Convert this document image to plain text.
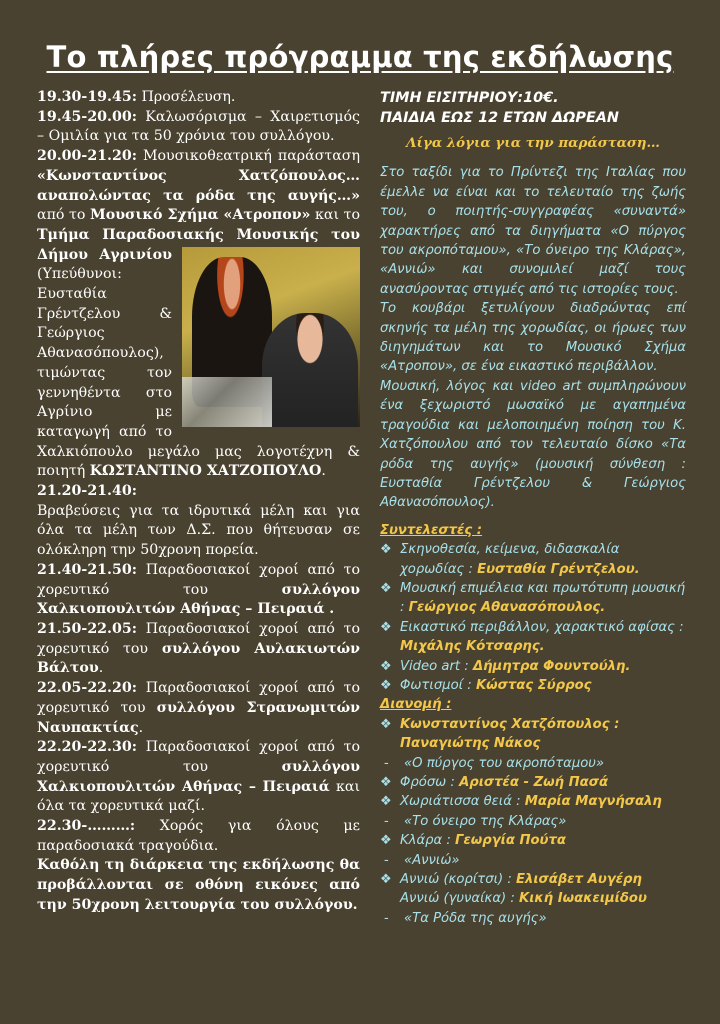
Το πλήρες πρόγραμμα της εκδήλωσης

19.30-19.45: Προσέλευση.

19.45-20.00: Καλωσόρισμα – Χαιρετισμός – Ομιλία για τα 50 χρόνια του συλλόγου.

20.00-21.20: Μουσικοθεατρική παράσταση «Κωνσταντίνος Χατζόπουλος… αναπολώντας τα ρόδα της αυγής…» από το Μουσικό Σχήμα «Ατροπον» και το Τμήμα Παραδοσιακής Μουσικής του Δήμου Αγρινίου
(Υπεύθυνοι: Ευσταθία Γρέντζελου & Γεώργιος Αθανασόπουλος), τιμώντας τον γεννηθέντα στο Αγρίνιο με καταγωγή από το Χαλκιόπουλο μεγάλο μας λογοτέχνη & ποιητή ΚΩΣΤΑΝΤΙΝΟ ΧΑΤΖΟΠΟΥΛΟ.

21.20-21.40:

Βραβεύσεις για τα ιδρυτικά μέλη και για όλα τα μέλη των Δ.Σ. που θήτευσαν σε ολόκληρη την 50χρονη πορεία.

21.40-21.50: Παραδοσιακοί χοροί από το χορευτικό του συλλόγου Χαλκιοπουλιτών Αθήνας – Πειραιά .

21.50-22.05: Παραδοσιακοί χοροί από το χορευτικό του συλλόγου Αυλακιωτών Βάλτου.

22.05-22.20: Παραδοσιακοί χοροί από το χορευτικό του συλλόγου Στρανωμιτών Ναυπακτίας.

22.20-22.30: Παραδοσιακοί χοροί από το χορευτικό του συλλόγου Χαλκιοπουλιτών Αθήνας – Πειραιά και όλα τα χορευτικά μαζί.

22.30-………: Χορός για όλους με παραδοσιακά τραγούδια.

Καθόλη τη διάρκεια της εκδήλωσης θα προβάλλονται σε οθόνη εικόνες από την 50χρονη λειτουργία του συλλόγου.

ΤΙΜΗ ΕΙΣΙΤΗΡΙΟΥ:10€.

ΠΑΙΔΙΑ ΕΩΣ 12 ΕΤΩΝ ΔΩΡΕΑΝ

Λίγα λόγια για την παράσταση…

Στο ταξίδι για το Πρίντεζι της Ιταλίας που έμελλε να είναι και το τελευταίο της ζωής του, ο ποιητής-συγγραφέας «συναντά» χαρακτήρες από τα διηγήματα «Ο πύργος του ακροπόταμου», «Το όνειρο της Κλάρας», «Αννιώ» και συνομιλεί μαζί τους ανασύροντας στιγμές από τις ιστορίες τους.

Το κουβάρι ξετυλίγουν διαδρώντας επί σκηνής τα μέλη της χορωδίας, οι ήρωες των διηγημάτων και το Μουσικό Σχήμα «Ατροπον», σε ένα εικαστικό περιβάλλον.

Μουσική, λόγος και video art συμπληρώνουν ένα ξεχωριστό μωσαϊκό με αγαπημένα τραγούδια και μελοποιημένη ποίηση του Κ. Χατζόπουλου από τον τελευταίο δίσκο «Τα ρόδα της αυγής» (μουσική σύνθεση : Ευσταθία Γρέντζελου & Γεώργιος Αθανασόπουλος).

Συντελεστές :

❖ Σκηνοθεσία, κείμενα, διδασκαλία χορωδίας : Ευσταθία Γρέντζελου.
❖ Μουσική επιμέλεια και πρωτότυπη μουσική : Γεώργιος Αθανασόπουλος.
❖ Εικαστικό περιβάλλον, χαρακτικό αφίσας : Μιχάλης Κότσαρης.
❖ Video art : Δήμητρα Φουντούλη.
❖ Φωτισμοί : Κώστας Σύρρος

Διανομή :

❖ Κωνσταντίνος Χατζόπουλος : Παναγιώτης Νάκος
- «Ο πύργος του ακροπόταμου»
❖ Φρόσω : Αριστέα - Ζωή Πασά
❖ Χωριάτισσα θειά : Μαρία Μαγνήσαλη
- «Το όνειρο της Κλάρας»
❖ Κλάρα : Γεωργία Πούτα
- «Αννιώ»
❖ Αννιώ (κορίτσι) : Ελισάβετ Αυγέρη
Αννιώ (γυναίκα) : Κική Ιωακειμίδου
- «Τα Ρόδα της αυγής»
